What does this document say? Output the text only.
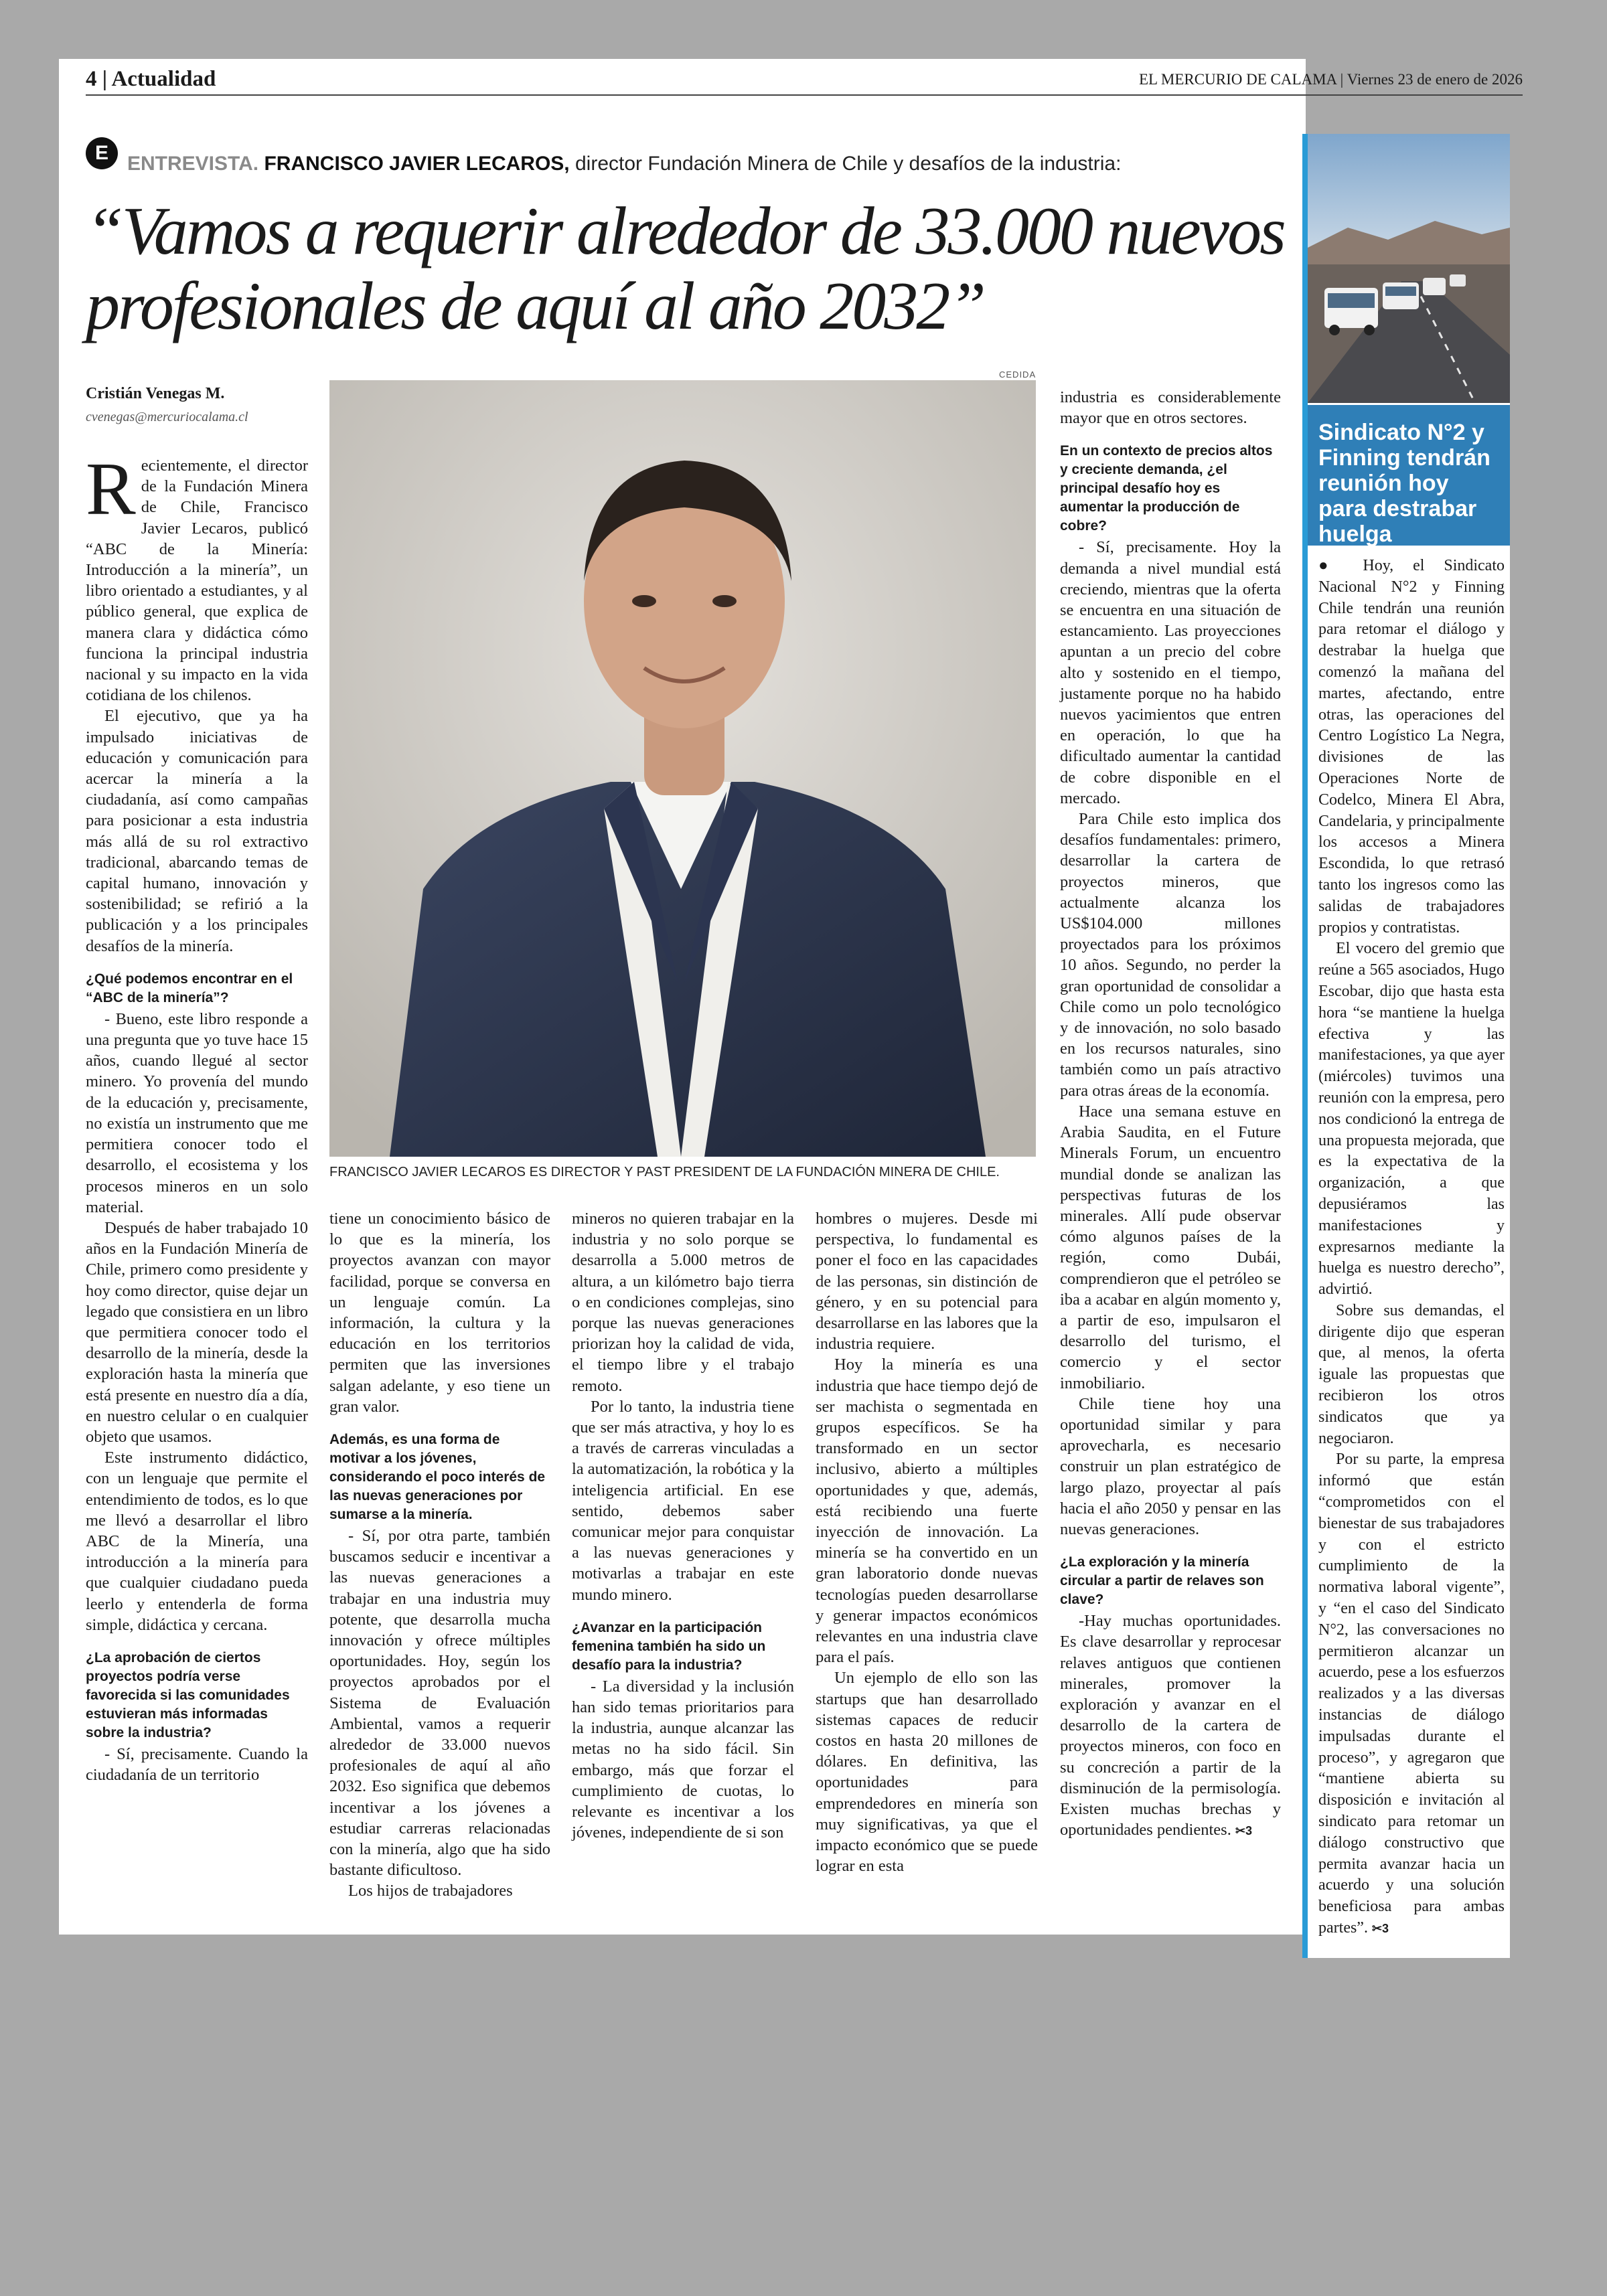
4 | Actualidad	EL MERCURIO DE CALAMA | Viernes 23 de enero de 2026
E ENTREVISTA. FRANCISCO JAVIER LECAROS, director Fundación Minera de Chile y desafíos de la industria:
“Vamos a requerir alrededor de 33.000 nuevos profesionales de aquí al año 2032”
Cristián Venegas M.
cvenegas@mercuriocalama.cl
CEDIDA
FRANCISCO JAVIER LECAROS ES DIRECTOR Y PAST PRESIDENT DE LA FUNDACIÓN MINERA DE CHILE.

Recientemente, el director de la Fundación Minera de Chile, Francisco Javier Lecaros, publicó “ABC de la Minería: Introducción a la minería”, un libro orientado a estudiantes, y al público general, que explica de manera clara y didáctica cómo funciona la principal industria nacional y su impacto en la vida cotidiana de los chilenos.

El ejecutivo, que ya ha impulsado iniciativas de educación y comunicación para acercar la minería a la ciudadanía, así como campañas para posicionar a esta industria más allá de su rol extractivo tradicional, abarcando temas de capital humano, innovación y sostenibilidad; se refirió a la publicación y a los principales desafíos de la minería.

¿Qué podemos encontrar en el “ABC de la minería”?

- Bueno, este libro responde a una pregunta que yo tuve hace 15 años, cuando llegué al sector minero. Yo provenía del mundo de la educación y, precisamente, no existía un instrumento que me permitiera conocer todo el desarrollo, el ecosistema y los procesos mineros en un solo material.

Después de haber trabajado 10 años en la Fundación Minería de Chile, primero como presidente y hoy como director, quise dejar un legado que consistiera en un libro que permitiera conocer todo el desarrollo de la minería, desde la exploración hasta la minería que está presente en nuestro día a día, en nuestro celular o en cualquier objeto que usamos.

Este instrumento didáctico, con un lenguaje que permite el entendimiento de todos, es lo que me llevó a desarrollar el libro ABC de la Minería, una introducción a la minería para que cualquier ciudadano pueda leerlo y entenderla de forma simple, didáctica y cercana.

¿La aprobación de ciertos proyectos podría verse favorecida si las comunidades estuvieran más informadas sobre la industria?

- Sí, precisamente. Cuando la ciudadanía de un territorio

tiene un conocimiento básico de lo que es la minería, los proyectos avanzan con mayor facilidad, porque se conversa en un lenguaje común. La información, la cultura y la educación en los territorios permiten que las inversiones salgan adelante, y eso tiene un gran valor.

Además, es una forma de motivar a los jóvenes, considerando el poco interés de las nuevas generaciones por sumarse a la minería.

- Sí, por otra parte, también buscamos seducir e incentivar a las nuevas generaciones a trabajar en una industria muy potente, que desarrolla mucha innovación y ofrece múltiples oportunidades. Hoy, según los proyectos aprobados por el Sistema de Evaluación Ambiental, vamos a requerir alrededor de 33.000 nuevos profesionales de aquí al año 2032. Eso significa que debemos incentivar a los jóvenes a estudiar carreras relacionadas con la minería, algo que ha sido bastante dificultoso.

Los hijos de trabajadores

mineros no quieren trabajar en la industria y no solo porque se desarrolla a 5.000 metros de altura, a un kilómetro bajo tierra o en condiciones complejas, sino porque las nuevas generaciones priorizan hoy la calidad de vida, el tiempo libre y el trabajo remoto.

Por lo tanto, la industria tiene que ser más atractiva, y hoy lo es a través de carreras vinculadas a la automatización, la robótica y la inteligencia artificial. En ese sentido, debemos saber comunicar mejor para conquistar a las nuevas generaciones y motivarlas a trabajar en este mundo minero.

¿Avanzar en la participación femenina también ha sido un desafío para la industria?

- La diversidad y la inclusión han sido temas prioritarios para la industria, aunque alcanzar las metas no ha sido fácil. Sin embargo, más que forzar el cumplimiento de cuotas, lo relevante es incentivar a los jóvenes, independiente de si son

hombres o mujeres. Desde mi perspectiva, lo fundamental es poner el foco en las capacidades de las personas, sin distinción de género, y en su potencial para desarrollarse en las labores que la industria requiere.

Hoy la minería es una industria que hace tiempo dejó de ser machista o segmentada en grupos específicos. Se ha transformado en un sector inclusivo, abierto a múltiples oportunidades y que, además, está recibiendo una fuerte inyección de innovación. La minería se ha convertido en un gran laboratorio donde nuevas tecnologías pueden desarrollarse y generar impactos económicos relevantes en una industria clave para el país.

Un ejemplo de ello son las startups que han desarrollado sistemas capaces de reducir costos en hasta 20 millones de dólares. En definitiva, las oportunidades para emprendedores en minería son muy significativas, ya que el impacto económico que se puede lograr en esta

industria es considerablemente mayor que en otros sectores.

En un contexto de precios altos y creciente demanda, ¿el principal desafío hoy es aumentar la producción de cobre?

- Sí, precisamente. Hoy la demanda a nivel mundial está creciendo, mientras que la oferta se encuentra en una situación de estancamiento. Las proyecciones apuntan a un precio del cobre alto y sostenido en el tiempo, justamente porque no ha habido nuevos yacimientos que entren en operación, lo que ha dificultado aumentar la cantidad de cobre disponible en el mercado.

Para Chile esto implica dos desafíos fundamentales: primero, desarrollar la cartera de proyectos mineros, que actualmente alcanza los US$104.000 millones proyectados para los próximos 10 años. Segundo, no perder la gran oportunidad de consolidar a Chile como un polo tecnológico y de innovación, no solo basado en los recursos naturales, sino también como un país atractivo para otras áreas de la economía.

Hace una semana estuve en Arabia Saudita, en el Future Minerals Forum, un encuentro mundial donde se analizan las perspectivas futuras de los minerales. Allí pude observar cómo algunos países de la región, como Dubái, comprendieron que el petróleo se iba a acabar en algún momento y, a partir de eso, impulsaron el desarrollo del turismo, el comercio y el sector inmobiliario.

Chile tiene hoy una oportunidad similar y para aprovecharla, es necesario construir un plan estratégico de largo plazo, proyectar al país hacia el año 2050 y pensar en las nuevas generaciones.

¿La exploración y la minería circular a partir de relaves son clave?

-Hay muchas oportunidades. Es clave desarrollar y reprocesar relaves antiguos que contienen minerales, promover la exploración y avanzar en el desarrollo de la cartera de proyectos mineros, con foco en su concreción a partir de la disminución de la permisología. Existen muchas brechas y oportunidades pendientes. ✂3

Sindicato N°2 y Finning tendrán reunión hoy para destrabar huelga

● Hoy, el Sindicato Nacional N°2 y Finning Chile tendrán una reunión para retomar el diálogo y destrabar la huelga que comenzó la mañana del martes, afectando, entre otras, las operaciones del Centro Logístico La Negra, divisiones de las Operaciones Norte de Codelco, Minera El Abra, Candelaria, y principalmente los accesos a Minera Escondida, lo que retrasó tanto los ingresos como las salidas de trabajadores propios y contratistas.

El vocero del gremio que reúne a 565 asociados, Hugo Escobar, dijo que hasta esta hora “se mantiene la huelga efectiva y las manifestaciones, ya que ayer (miércoles) tuvimos una reunión con la empresa, pero nos condicionó la entrega de una propuesta mejorada, que es la expectativa de la organización, a que depusiéramos las manifestaciones y expresarnos mediante la huelga es nuestro derecho”, advirtió.

Sobre sus demandas, el dirigente dijo que esperan que, al menos, la oferta iguale las propuestas que recibieron los otros sindicatos que ya negociaron.

Por su parte, la empresa informó que están “comprometidos con el bienestar de sus trabajadores y con el estricto cumplimiento de la normativa laboral vigente”, y “en el caso del Sindicato N°2, las conversaciones no permitieron alcanzar un acuerdo, pese a los esfuerzos realizados y a las diversas instancias de diálogo impulsadas durante el proceso”, y agregaron que “mantiene abierta su disposición e invitación al sindicato para retomar un diálogo constructivo que permita avanzar hacia un acuerdo y una solución beneficiosa para ambas partes”. ✂3
